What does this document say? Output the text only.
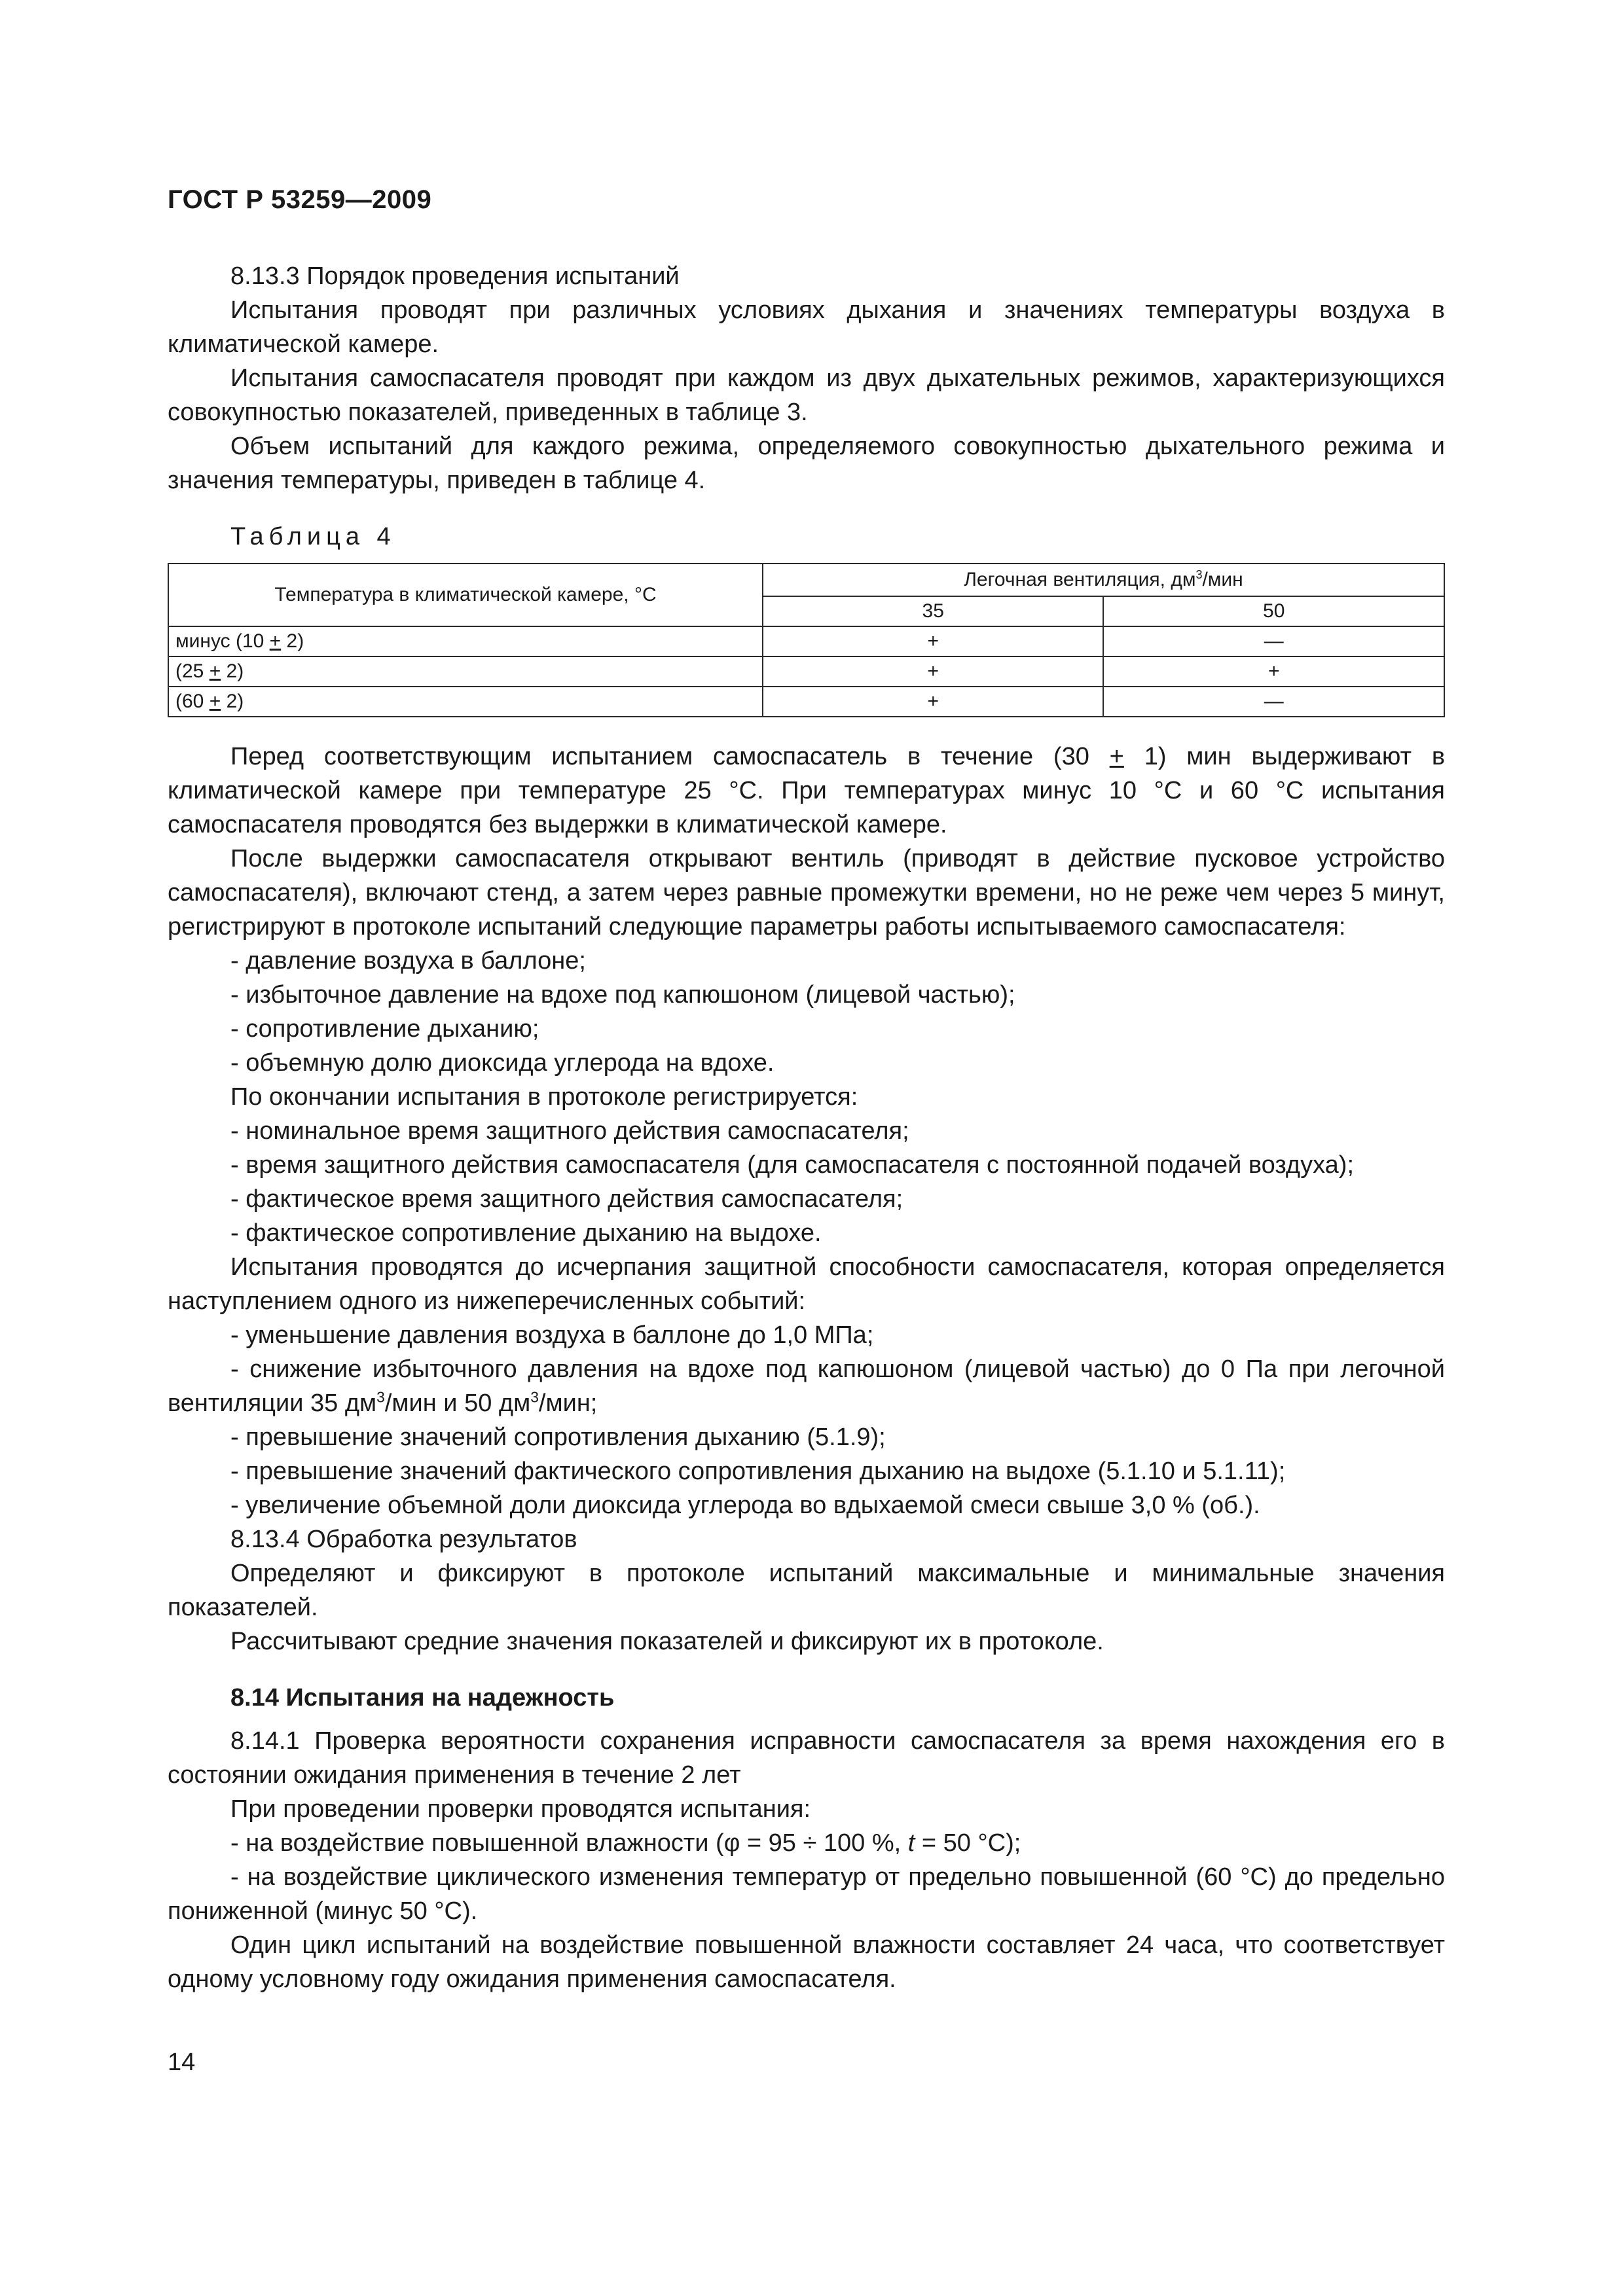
ГОСТ Р 53259—2009

8.13.3 Порядок проведения испытаний

Испытания проводят при различных условиях дыхания и значениях температуры воздуха в климатической камере.

Испытания самоспасателя проводят при каждом из двух дыхательных режимов, характеризующихся совокупностью показателей, приведенных в таблице 3.

Объем испытаний для каждого режима, определяемого совокупностью дыхательного режима и значения температуры, приведен в таблице 4.

Таблица 4

Температура в климатической камере, °С	Легочная вентиляция, $дм^3$/мин	
	35	50
минус (10 + 2)	+	—
(25 + 2)	+	+
(60 + 2)	+	—

Перед соответствующим испытанием самоспасатель в течение (30 + 1) мин выдерживают в климатической камере при температуре 25 °С. При температурах минус 10 °С и 60 °С испытания самоспасателя проводятся без выдержки в климатической камере.

После выдержки самоспасателя открывают вентиль (приводят в действие пусковое устройство самоспасателя), включают стенд, а затем через равные промежутки времени, но не реже чем через 5 минут, регистрируют в протоколе испытаний следующие параметры работы испытываемого самоспасателя:

- давление воздуха в баллоне;

- избыточное давление на вдохе под капюшоном (лицевой частью);

- сопротивление дыханию;

- объемную долю диоксида углерода на вдохе.

По окончании испытания в протоколе регистрируется:

- номинальное время защитного действия самоспасателя;

- время защитного действия самоспасателя (для самоспасателя с постоянной подачей воздуха);

- фактическое время защитного действия самоспасателя;

- фактическое сопротивление дыханию на выдохе.

Испытания проводятся до исчерпания защитной способности самоспасателя, которая определяется наступлением одного из нижеперечисленных событий:

- уменьшение давления воздуха в баллоне до 1,0 МПа;

- снижение избыточного давления на вдохе под капюшоном (лицевой частью) до 0 Па при легочной вентиляции 35 $дм^3$/мин и 50 $дм^3$/мин;

- превышение значений сопротивления дыханию (5.1.9);

- превышение значений фактического сопротивления дыханию на выдохе (5.1.10 и 5.1.11);

- увеличение объемной доли диоксида углерода во вдыхаемой смеси свыше 3,0 % (об.).

8.13.4 Обработка результатов

Определяют и фиксируют в протоколе испытаний максимальные и минимальные значения показателей.

Рассчитывают средние значения показателей и фиксируют их в протоколе.

8.14 Испытания на надежность

8.14.1 Проверка вероятности сохранения исправности самоспасателя за время нахождения его в состоянии ожидания применения в течение 2 лет

При проведении проверки проводятся испытания:

- на воздействие повышенной влажности (φ = 95 ÷ 100 %, t = 50 °С);

- на воздействие циклического изменения температур от предельно повышенной (60 °С) до предельно пониженной (минус 50 °С).

Один цикл испытаний на воздействие повышенной влажности составляет 24 часа, что соответствует одному условному году ожидания применения самоспасателя.

14
